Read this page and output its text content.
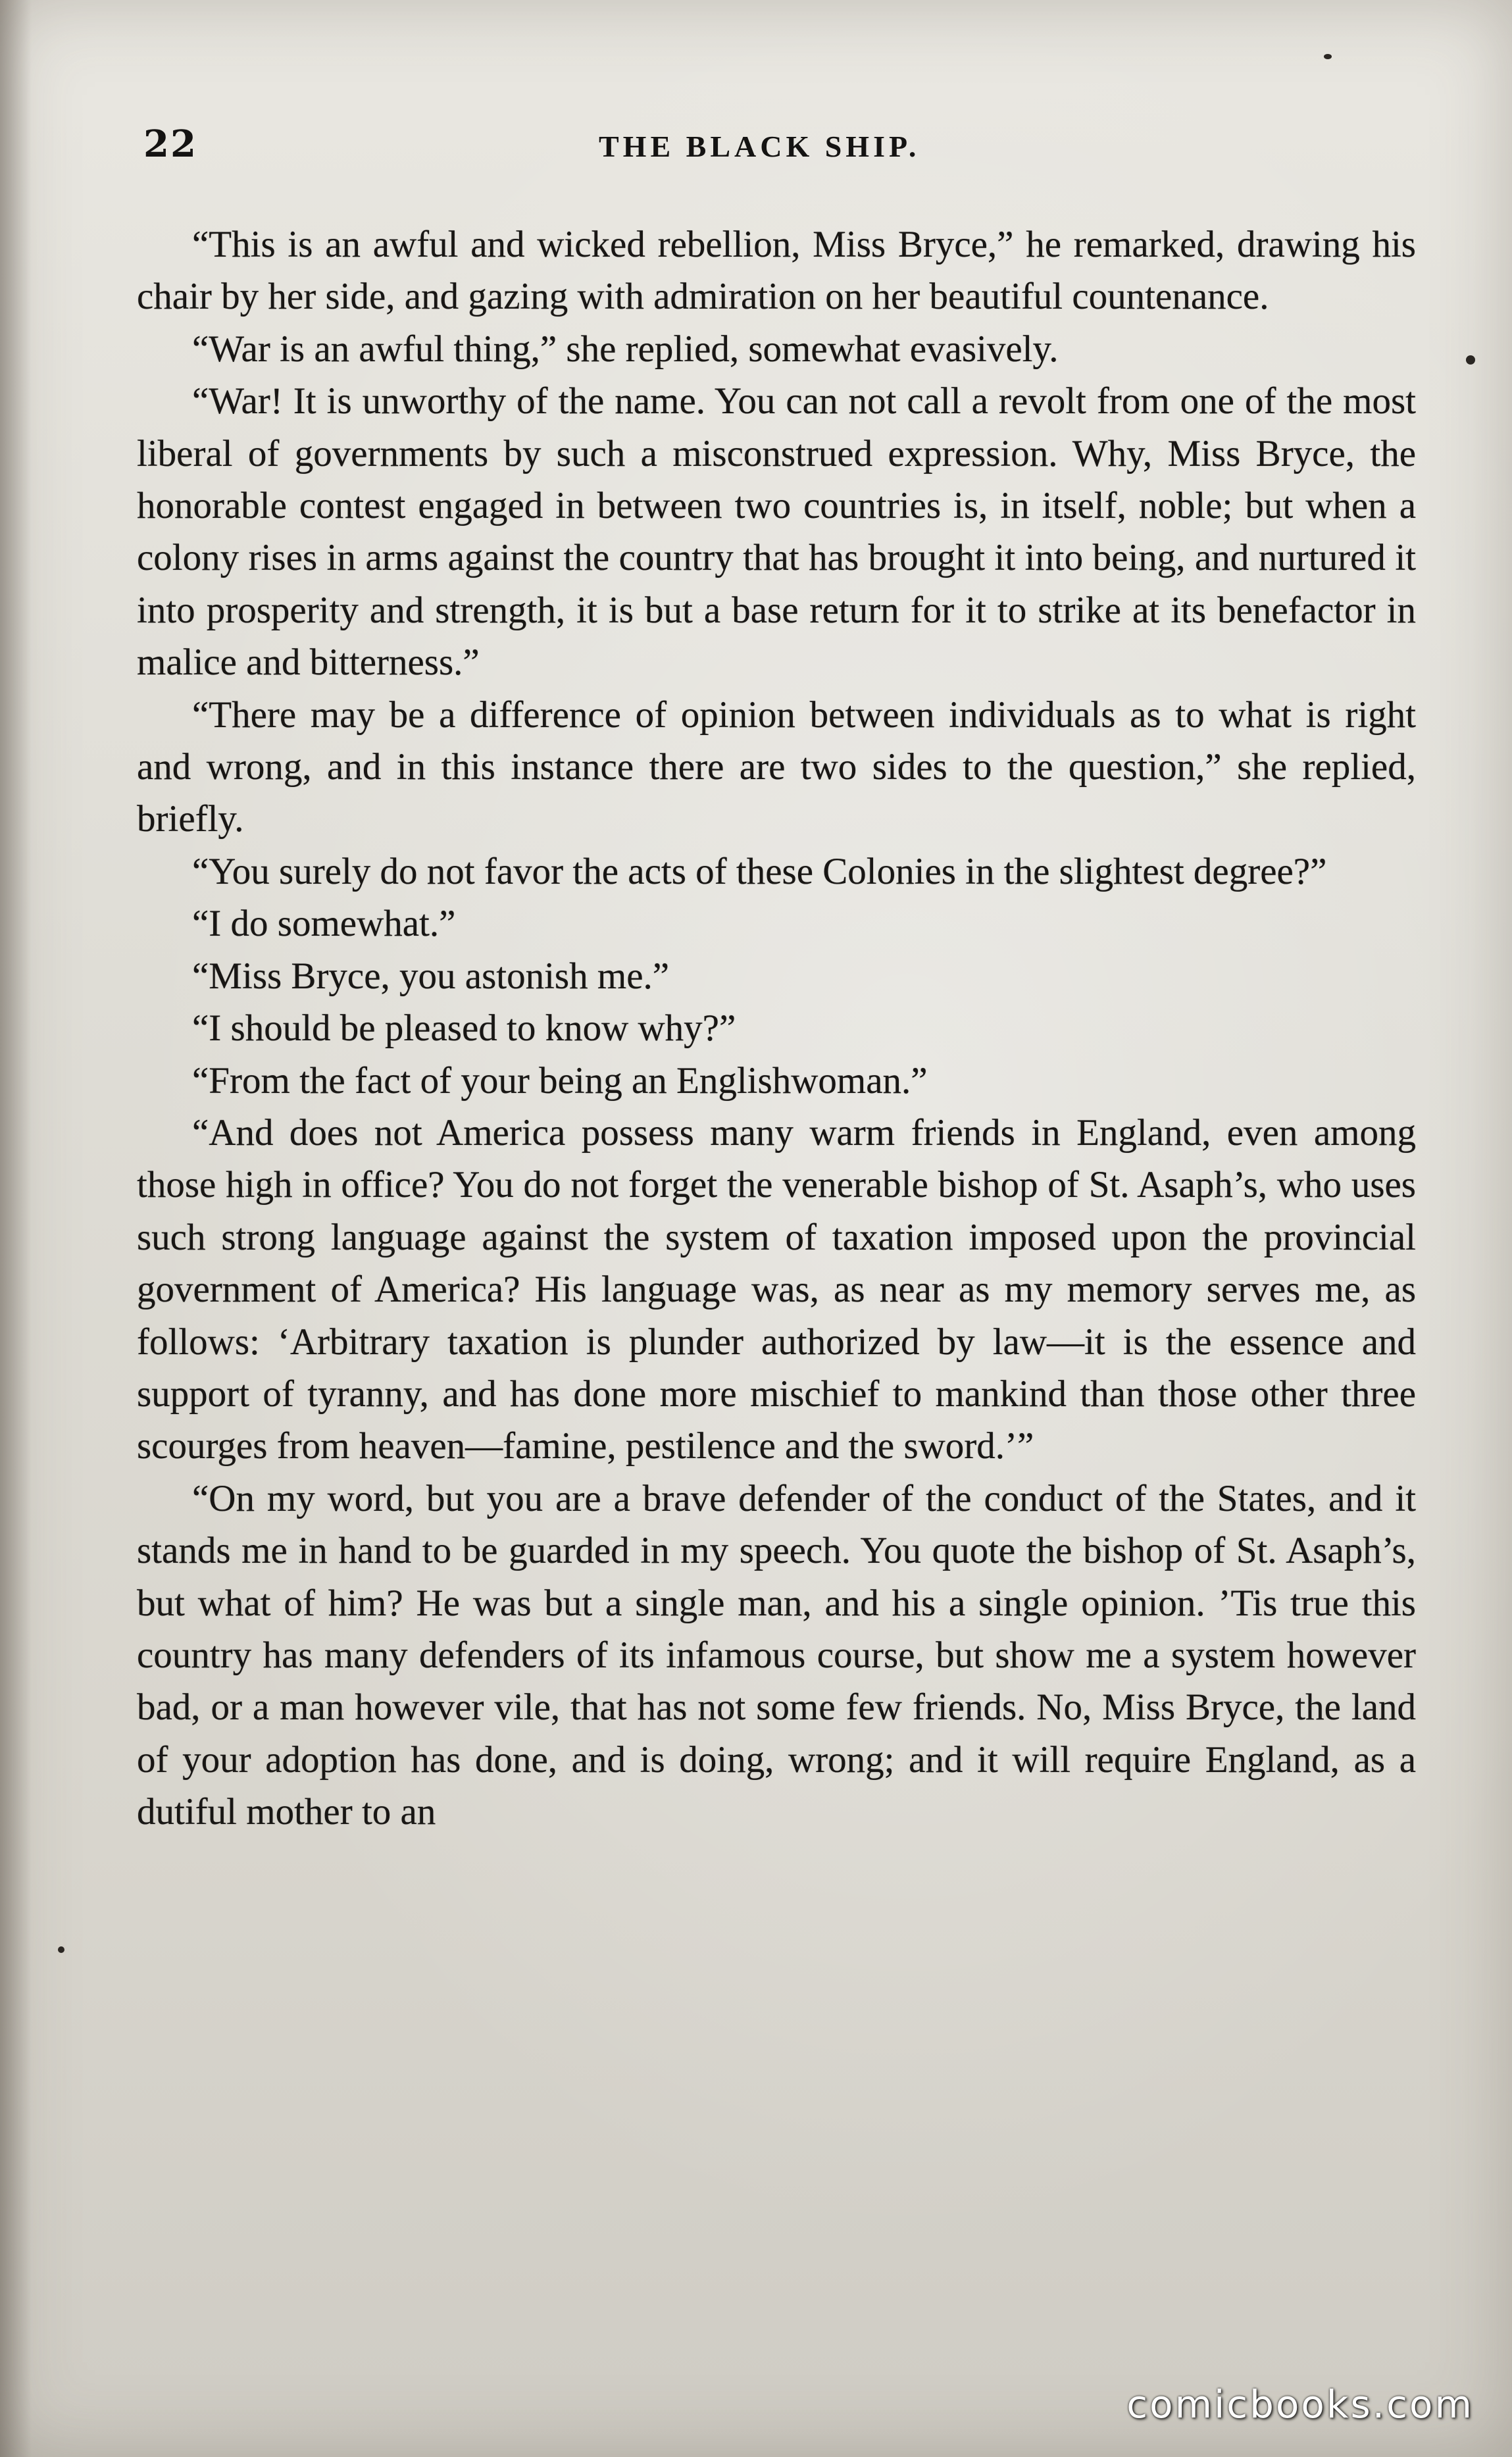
22	THE BLACK SHIP.

“This is an awful and wicked rebellion, Miss Bryce,” he remarked, drawing his chair by her side, and gazing with admiration on her beautiful countenance.

“War is an awful thing,” she replied, somewhat evasively.

“War! It is unworthy of the name. You can not call a revolt from one of the most liberal of governments by such a misconstrued expression. Why, Miss Bryce, the honorable contest engaged in between two countries is, in itself, noble; but when a colony rises in arms against the country that has brought it into being, and nurtured it into prosperity and strength, it is but a base return for it to strike at its benefactor in malice and bitterness.”

“There may be a difference of opinion between individuals as to what is right and wrong, and in this instance there are two sides to the question,” she replied, briefly.

“You surely do not favor the acts of these Colonies in the slightest degree?”

“I do somewhat.”

“Miss Bryce, you astonish me.”

“I should be pleased to know why?”

“From the fact of your being an Englishwoman.”

“And does not America possess many warm friends in England, even among those high in office? You do not forget the venerable bishop of St. Asaph’s, who uses such strong language against the system of taxation imposed upon the provincial government of America? His language was, as near as my memory serves me, as follows: ‘Arbitrary taxation is plunder authorized by law—it is the essence and support of tyranny, and has done more mischief to mankind than those other three scourges from heaven—famine, pestilence and the sword.’”

“On my word, but you are a brave defender of the conduct of the States, and it stands me in hand to be guarded in my speech. You quote the bishop of St. Asaph’s, but what of him? He was but a single man, and his a single opinion. ’Tis true this country has many defenders of its infamous course, but show me a system however bad, or a man however vile, that has not some few friends. No, Miss Bryce, the land of your adoption has done, and is doing, wrong; and it will require England, as a dutiful mother to an

comicbooks.com
